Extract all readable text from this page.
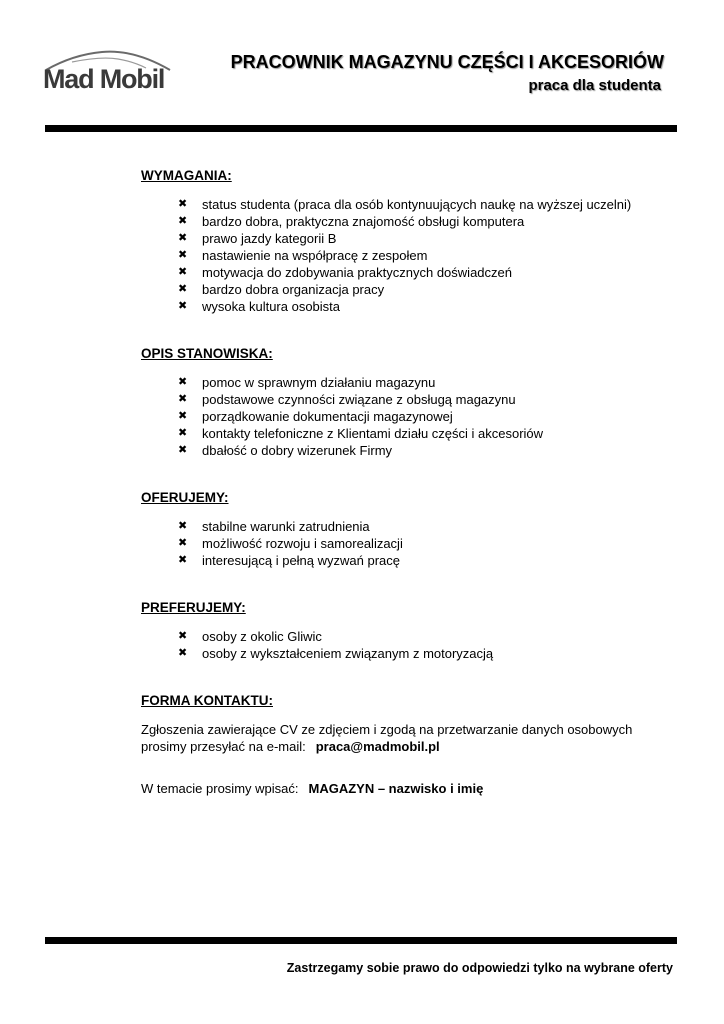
Mad Mobil
PRACOWNIK MAGAZYNU CZĘŚCI I AKCESORIÓW
praca dla studenta

WYMAGANIA:

✖ status studenta (praca dla osób kontynuujących naukę na wyższej uczelni)
✖ bardzo dobra, praktyczna znajomość obsługi komputera
✖ prawo jazdy kategorii B
✖ nastawienie na współpracę z zespołem
✖ motywacja do zdobywania praktycznych doświadczeń
✖ bardzo dobra organizacja pracy
✖ wysoka kultura osobista

OPIS STANOWISKA:

✖ pomoc w sprawnym działaniu magazynu
✖ podstawowe czynności związane z obsługą magazynu
✖ porządkowanie dokumentacji magazynowej
✖ kontakty telefoniczne z Klientami działu części i akcesoriów
✖ dbałość o dobry wizerunek Firmy

OFERUJEMY:

✖ stabilne warunki zatrudnienia
✖ możliwość rozwoju i samorealizacji
✖ interesującą i pełną wyzwań pracę

PREFERUJEMY:

✖ osoby z okolic Gliwic
✖ osoby z wykształceniem związanym z motoryzacją

FORMA KONTAKTU:

Zgłoszenia zawierające CV ze zdjęciem i zgodą na przetwarzanie danych osobowych

prosimy przesyłać na e-mail: praca@madmobil.pl

W temacie prosimy wpisać: MAGAZYN – nazwisko i imię

Zastrzegamy sobie prawo do odpowiedzi tylko na wybrane oferty
